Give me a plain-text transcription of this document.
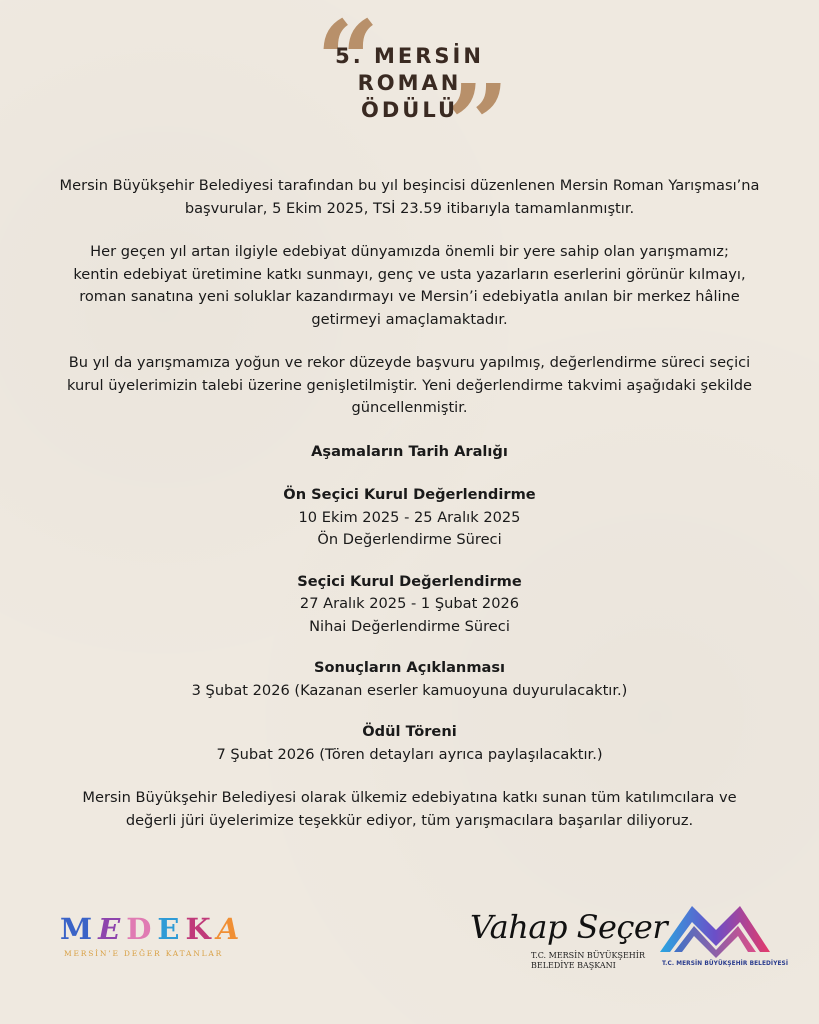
“ ”
5. MERSİN
ROMAN
ÖDÜLÜ

Mersin Büyükşehir Belediyesi tarafından bu yıl beşincisi düzenlenen Mersin Roman Yarışması’na
başvurular, 5 Ekim 2025, TSİ 23.59 itibarıyla tamamlanmıştır.

Her geçen yıl artan ilgiyle edebiyat dünyamızda önemli bir yere sahip olan yarışmamız;
kentin edebiyat üretimine katkı sunmayı, genç ve usta yazarların eserlerini görünür kılmayı,
roman sanatına yeni soluklar kazandırmayı ve Mersin’i edebiyatla anılan bir merkez hâline
getirmeyi amaçlamaktadır.

Bu yıl da yarışmamıza yoğun ve rekor düzeyde başvuru yapılmış, değerlendirme süreci seçici
kurul üyelerimizin talebi üzerine genişletilmiştir. Yeni değerlendirme takvimi aşağıdaki şekilde
güncellenmiştir.

Aşamaların Tarih Aralığı

Ön Seçici Kurul Değerlendirme
10 Ekim 2025 - 25 Aralık 2025
Ön Değerlendirme Süreci

Seçici Kurul Değerlendirme
27 Aralık 2025 - 1 Şubat 2026
Nihai Değerlendirme Süreci

Sonuçların Açıklanması
3 Şubat 2026 (Kazanan eserler kamuoyuna duyurulacaktır.)

Ödül Töreni
7 Şubat 2026 (Tören detayları ayrıca paylaşılacaktır.)

Mersin Büyükşehir Belediyesi olarak ülkemiz edebiyatına katkı sunan tüm katılımcılara ve
değerli jüri üyelerimize teşekkür ediyor, tüm yarışmacılara başarılar diliyoruz.

MEDEKA
MERSİN’E DEĞER KATANLAR
Vahap Seçer
T.C. MERSİN BÜYÜKŞEHİR
BELEDİYE BAŞKANI	T.C. MERSİN BÜYÜKŞEHİR BELEDİYESİ
